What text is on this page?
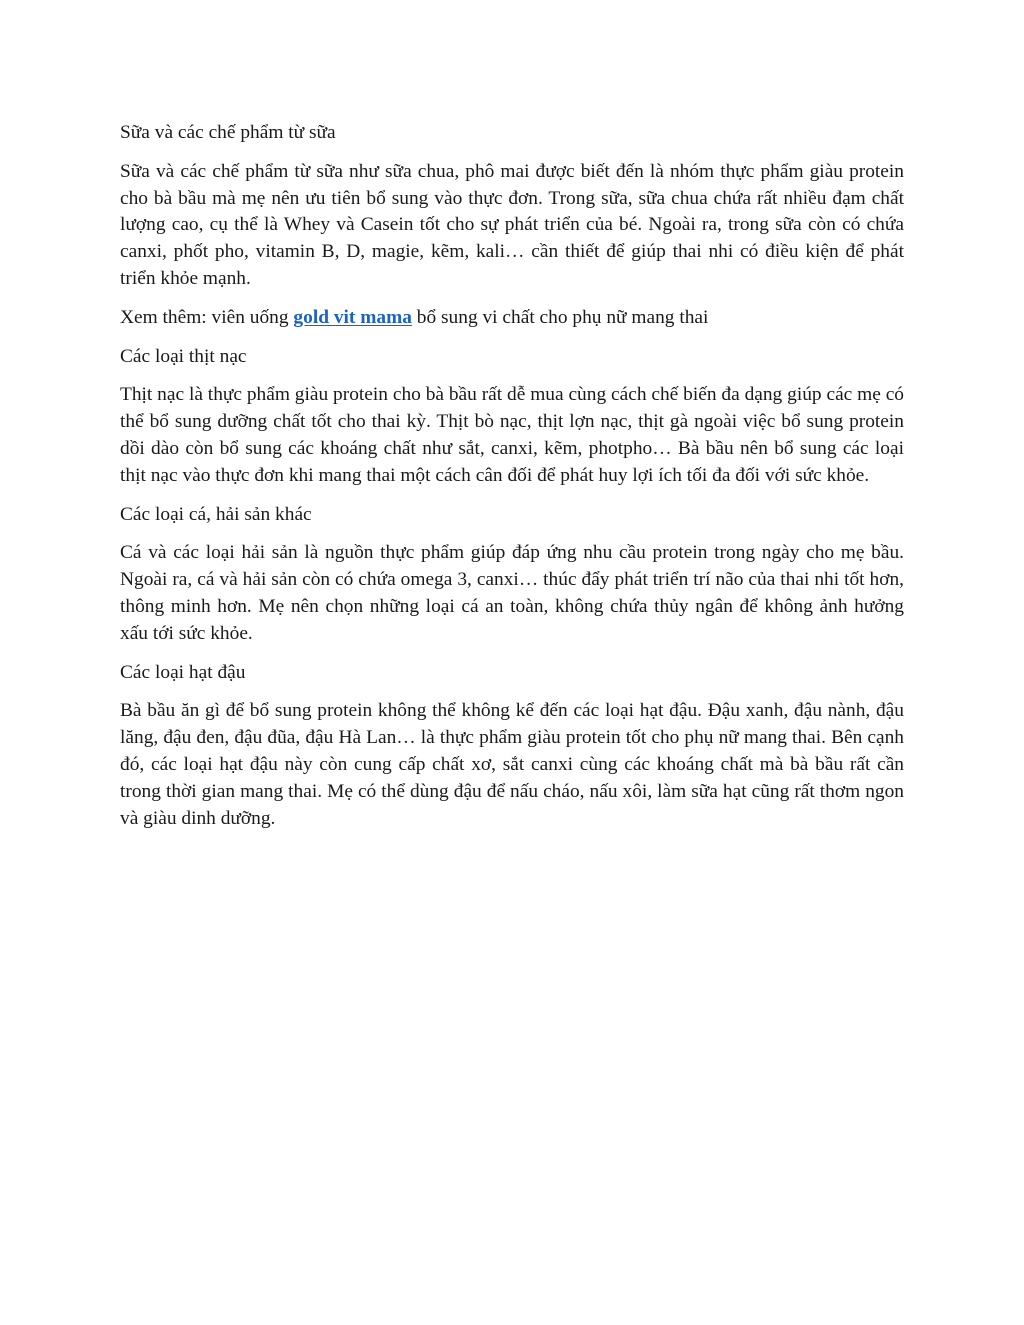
Sữa và các chế phẩm từ sữa

Sữa và các chế phẩm từ sữa như sữa chua, phô mai được biết đến là nhóm thực phẩm giàu protein cho bà bầu mà mẹ nên ưu tiên bổ sung vào thực đơn. Trong sữa, sữa chua chứa rất nhiều đạm chất lượng cao, cụ thể là Whey và Casein tốt cho sự phát triển của bé. Ngoài ra, trong sữa còn có chứa canxi, phốt pho, vitamin B, D, magie, kẽm, kali… cần thiết để giúp thai nhi có điều kiện để phát triển khỏe mạnh.

Xem thêm: viên uống gold vit mama bổ sung vi chất cho phụ nữ mang thai

Các loại thịt nạc

Thịt nạc là thực phẩm giàu protein cho bà bầu rất dễ mua cùng cách chế biến đa dạng giúp các mẹ có thể bổ sung dưỡng chất tốt cho thai kỳ. Thịt bò nạc, thịt lợn nạc, thịt gà ngoài việc bổ sung protein dồi dào còn bổ sung các khoáng chất như sắt, canxi, kẽm, photpho… Bà bầu nên bổ sung các loại thịt nạc vào thực đơn khi mang thai một cách cân đối để phát huy lợi ích tối đa đối với sức khỏe.

Các loại cá, hải sản khác

Cá và các loại hải sản là nguồn thực phẩm giúp đáp ứng nhu cầu protein trong ngày cho mẹ bầu. Ngoài ra, cá và hải sản còn có chứa omega 3, canxi… thúc đẩy phát triển trí não của thai nhi tốt hơn, thông minh hơn. Mẹ nên chọn những loại cá an toàn, không chứa thủy ngân để không ảnh hưởng xấu tới sức khỏe.

Các loại hạt đậu

Bà bầu ăn gì để bổ sung protein không thể không kể đến các loại hạt đậu. Đậu xanh, đậu nành, đậu lăng, đậu đen, đậu đũa, đậu Hà Lan… là thực phẩm giàu protein tốt cho phụ nữ mang thai. Bên cạnh đó, các loại hạt đậu này còn cung cấp chất xơ, sắt canxi cùng các khoáng chất mà bà bầu rất cần trong thời gian mang thai. Mẹ có thể dùng đậu để nấu cháo, nấu xôi, làm sữa hạt cũng rất thơm ngon và giàu dinh dưỡng.
